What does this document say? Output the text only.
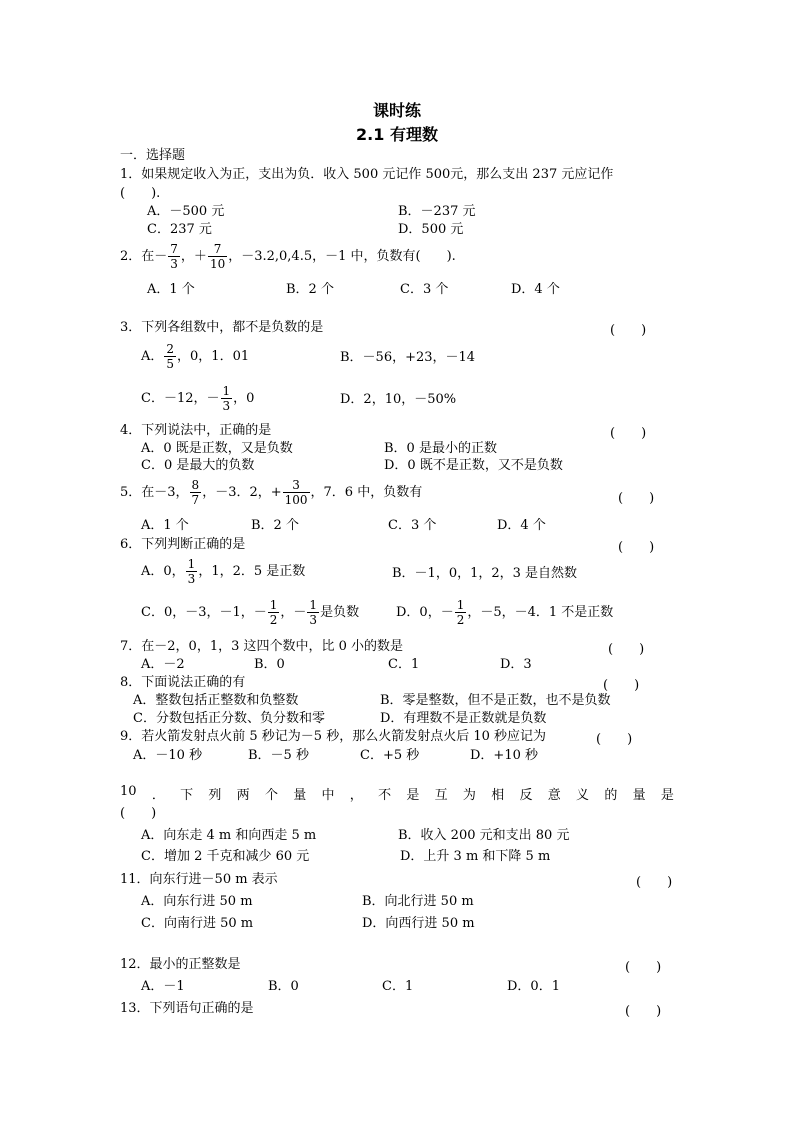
课时练
2.1 有理数
一．选择题
1．如果规定收入为正，支出为负．收入 500 元记作 500元，那么支出 237 元应记作
(　　).
A．－500 元	B．－237 元
C．237 元	D．500 元
2．在－ $\frac{7}{3}$ ，＋ $\frac{7}{10}$ ，－3.2,0,4.5，－1 中，负数有(　　).
A．1 个	B．2 个	C．3 个	D．4 个
3．下列各组数中，都不是负数的是	(　　)
A． $\frac{2}{5}$ ，0，1．01	B．－56，+23，－14
C．－12，－ $\frac{1}{3}$ ，0	D．2，10，－50%
4．下列说法中，正确的是	(　　)
A．0 既是正数，又是负数	B．0 是最小的正数
C．0 是最大的负数	D．0 既不是正数，又不是负数
5．在－3， $\frac{8}{7}$ ，－3．2，+ $\frac{3}{100}$ ，7．6 中，负数有	(　　)
A．1 个	B．2 个	C．3 个	D．4 个
6．下列判断正确的是	(　　)
A．0， $\frac{1}{3}$ ，1，2．5 是正数	B．－1，0，1，2，3 是自然数
C．0，－3，－1，－ $\frac{1}{2}$ ，－ $\frac{1}{3}$ 是负数	D．0，－ $\frac{1}{2}$ ，－5，－4．1 不是正数
7．在－2，0，1，3 这四个数中，比 0 小的数是	(　　)
A．－2	B．0	C．1	D．3
8．下面说法正确的有	(　　)
A．整数包括正整数和负整数	B．零是整数，但不是正数，也不是负数
C．分数包括正分数、负分数和零	D．有理数不是正数就是负数
9．若火箭发射点火前 5 秒记为－5 秒，那么火箭发射点火后 10 秒应记为	(　　)
A．－10 秒	B．－5 秒	C．+5 秒	D．+10 秒
10 ． 下 列 两 个 量 中 ， 不 是 互 为 相 反 意 义 的 量 是
(　　)
A．向东走 4 m 和向西走 5 m	B．收入 200 元和支出 80 元
C．增加 2 千克和减少 60 元	D．上升 3 m 和下降 5 m
11．向东行进－50 m 表示	(　　)
A．向东行进 50 m	B．向北行进 50 m
C．向南行进 50 m	D．向西行进 50 m
12．最小的正整数是	(　　)
A．－1	B．0	C．1	D．0．1
13．下列语句正确的是	(　　)
